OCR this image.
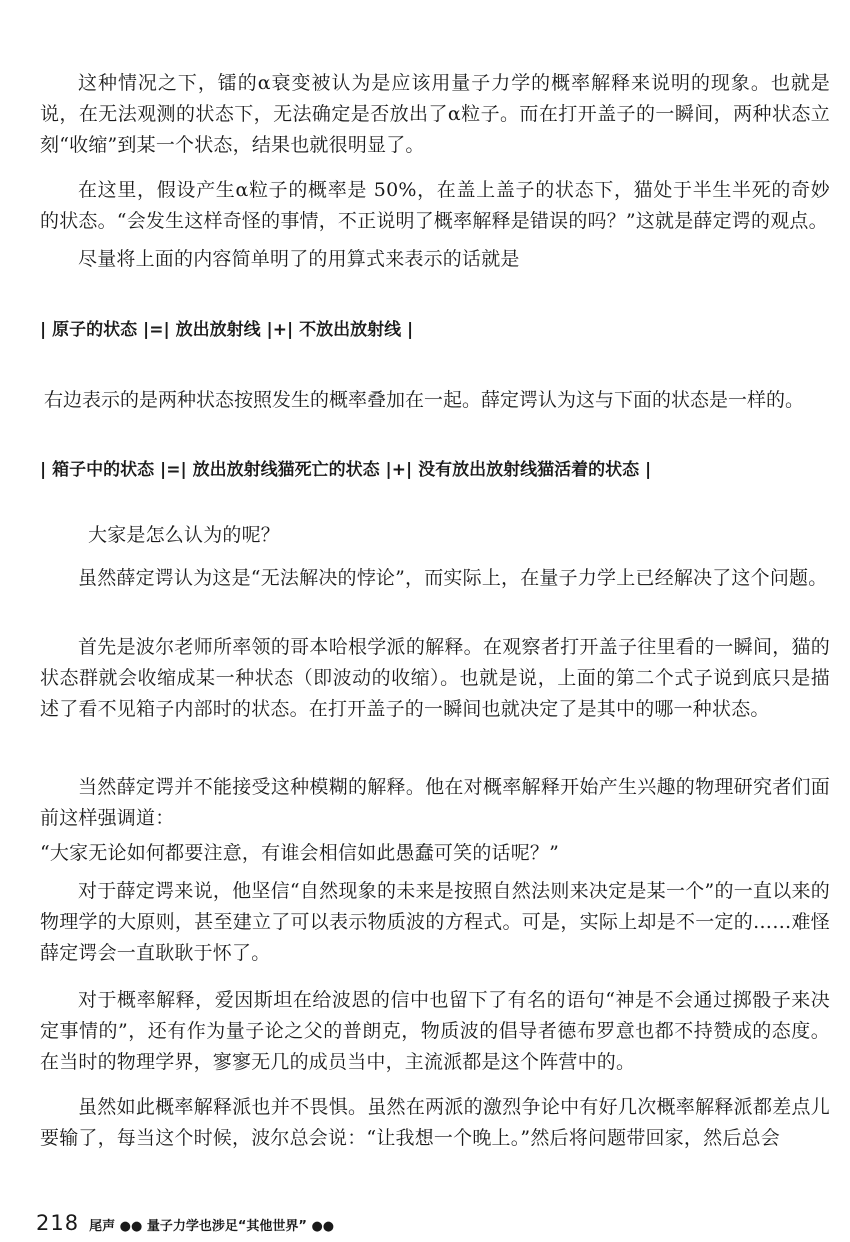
这种情况之下，镭的α衰变被认为是应该用量子力学的概率解释来说明的现象。也就是说，在无法观测的状态下，无法确定是否放出了α粒子。而在打开盖子的一瞬间，两种状态立刻“收缩”到某一个状态，结果也就很明显了。

在这里，假设产生α粒子的概率是 50%，在盖上盖子的状态下，猫处于半生半死的奇妙的状态。“会发生这样奇怪的事情，不正说明了概率解释是错误的吗？”这就是薛定谔的观点。

尽量将上面的内容简单明了的用算式来表示的话就是

| 原子的状态 |=| 放出放射线 |+| 不放出放射线 |

右边表示的是两种状态按照发生的概率叠加在一起。薛定谔认为这与下面的状态是一样的。

| 箱子中的状态 |=| 放出放射线猫死亡的状态 |+| 没有放出放射线猫活着的状态 |

大家是怎么认为的呢？

虽然薛定谔认为这是“无法解决的悖论”，而实际上，在量子力学上已经解决了这个问题。

首先是波尔老师所率领的哥本哈根学派的解释。在观察者打开盖子往里看的一瞬间，猫的状态群就会收缩成某一种状态（即波动的收缩）。也就是说，上面的第二个式子说到底只是描述了看不见箱子内部时的状态。在打开盖子的一瞬间也就决定了是其中的哪一种状态。

当然薛定谔并不能接受这种模糊的解释。他在对概率解释开始产生兴趣的物理研究者们面前这样强调道：

“大家无论如何都要注意，有谁会相信如此愚蠢可笑的话呢？”

对于薛定谔来说，他坚信“自然现象的未来是按照自然法则来决定是某一个”的一直以来的物理学的大原则，甚至建立了可以表示物质波的方程式。可是，实际上却是不一定的……难怪薛定谔会一直耿耿于怀了。

对于概率解释，爱因斯坦在给波恩的信中也留下了有名的语句“神是不会通过掷骰子来决定事情的”，还有作为量子论之父的普朗克，物质波的倡导者德布罗意也都不持赞成的态度。在当时的物理学界，寥寥无几的成员当中，主流派都是这个阵营中的。

虽然如此概率解释派也并不畏惧。虽然在两派的激烈争论中有好几次概率解释派都差点儿要输了，每当这个时候，波尔总会说：“让我想一个晚上。”然后将问题带回家，然后总会

218 尾声 ●● 量子力学也涉足“其他世界” ●●
